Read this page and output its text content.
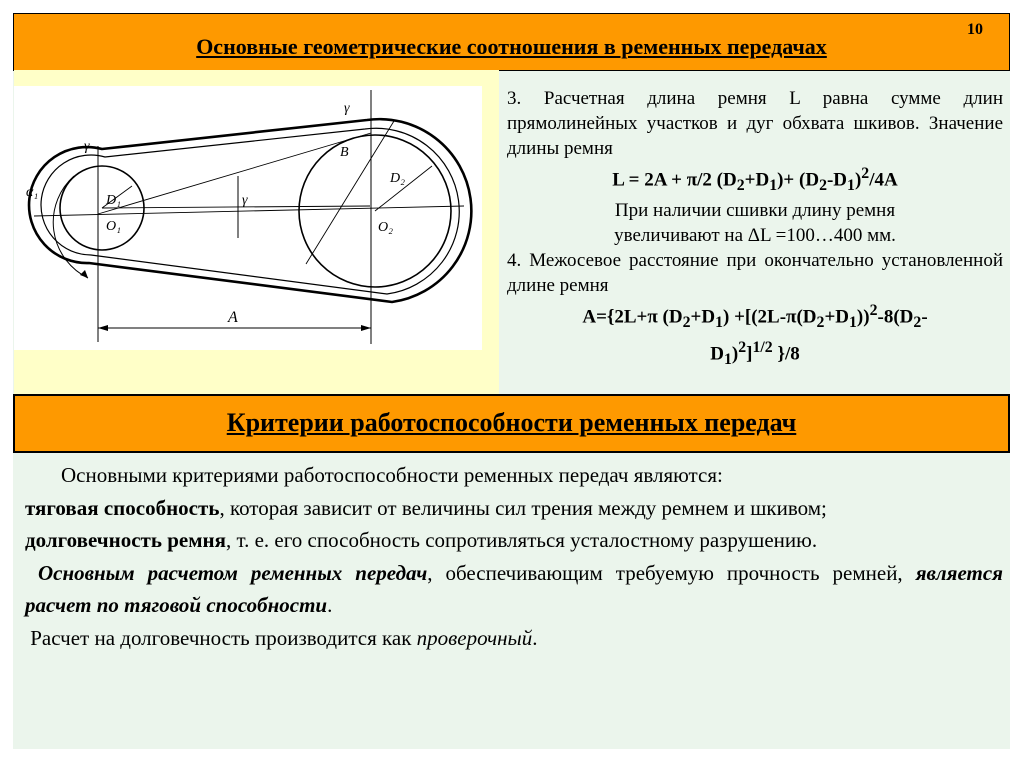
Основные геометрические соотношения в ременных передачах
10
3. Расчетная длина ремня L равна сумме длин прямолинейных участков и дуг обхвата шкивов. Значение длины ремня
L = 2A + π/2 $(D_2+D_1)+ (D_2-D_1)^2/4A$
При наличии сшивки длину ремня
увеличивают на ΔL =100…400 мм.
4. Межосевое расстояние при окончательно установленной длине ремня
A={2L+π $(D_2+D_1) +[(2L-\pi(D_2+D_1))^2-8(D_2-$
$D_1)^2]^{1/2}$ }/8
Критерии работоспособности ременных передач
Основными критериями работоспособности ременных передач являются:
тяговая способность, которая зависит от величины сил трения между ремнем и шкивом;
долговечность ремня, т. е. его способность сопротивляться усталостному разрушению.
Основным расчетом ременных передач, обеспечивающим требуемую прочность ремней, является расчет по тяговой способности.
Расчет на долговечность производится как проверочный.
α₁
γ
γ
γ
B
D₁
D₂
O₁	O₂
A
